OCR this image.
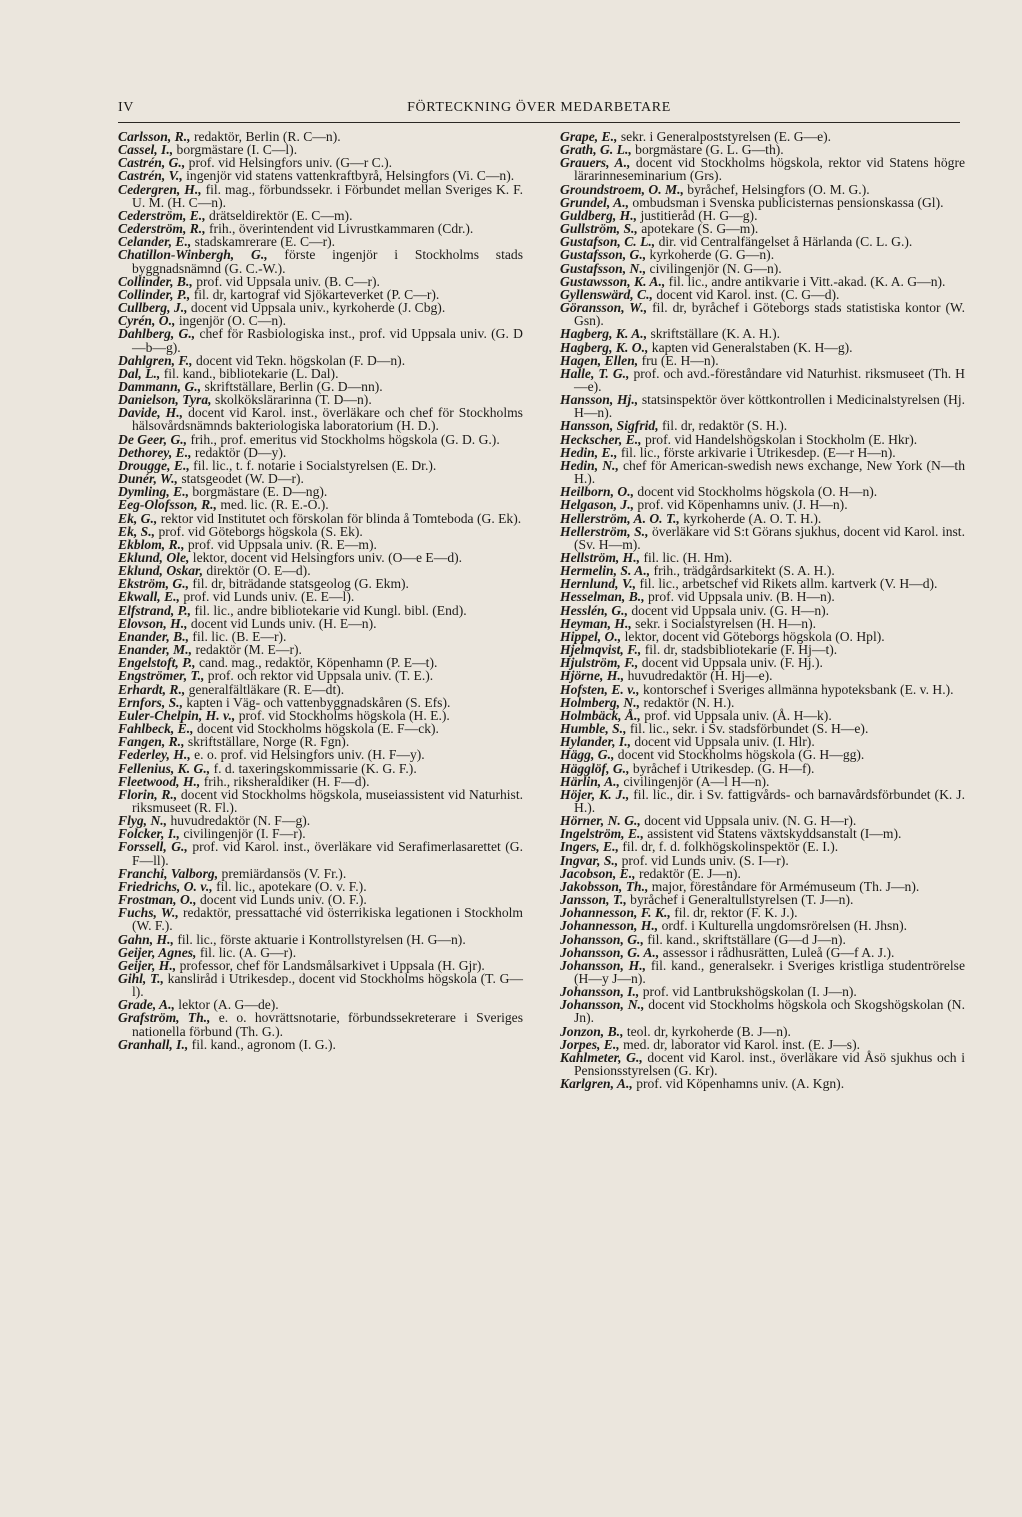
IV	FÖRTECKNING ÖVER MEDARBETARE
Carlsson, R., redaktör, Berlin (R. C—n).
Cassel, I., borgmästare (I. C—l).
Castrén, G., prof. vid Helsingfors univ. (G—r C.).
Castrén, V., ingenjör vid statens vattenkraftbyrå, Helsingfors (Vi. C—n).
Cedergren, H., fil. mag., förbundssekr. i Förbundet mellan Sveriges K. F. U. M. (H. C—n).
Cederström, E., drätseldirektör (E. C—m).
Cederström, R., frih., överintendent vid Livrustkammaren (Cdr.).
Celander, E., stadskamrerare (E. C—r).
Chatillon-Winbergh, G., förste ingenjör i Stockholms stads byggnadsnämnd (G. C.-W.).
Collinder, B., prof. vid Uppsala univ. (B. C—r).
Collinder, P., fil. dr, kartograf vid Sjökarteverket (P. C—r).
Cullberg, J., docent vid Uppsala univ., kyrkoherde (J. Cbg).
Cyrén, O., ingenjör (O. C—n).
Dahlberg, G., chef för Rasbiologiska inst., prof. vid Uppsala univ. (G. D—b—g).
Dahlgren, F., docent vid Tekn. högskolan (F. D—n).
Dal, L., fil. kand., bibliotekarie (L. Dal).
Dammann, G., skriftställare, Berlin (G. D—nn).
Danielson, Tyra, skolkökslärarinna (T. D—n).
Davide, H., docent vid Karol. inst., överläkare och chef för Stockholms hälsovårdsnämnds bakteriologiska laboratorium (H. D.).
De Geer, G., frih., prof. emeritus vid Stockholms högskola (G. D. G.).
Dethorey, E., redaktör (D—y).
Drougge, E., fil. lic., t. f. notarie i Socialstyrelsen (E. Dr.).
Dunér, W., statsgeodet (W. D—r).
Dymling, E., borgmästare (E. D—ng).
Eeg-Olofsson, R., med. lic. (R. E.-O.).
Ek, G., rektor vid Institutet och förskolan för blinda å Tomteboda (G. Ek).
Ek, S., prof. vid Göteborgs högskola (S. Ek).
Ekblom, R., prof. vid Uppsala univ. (R. E—m).
Eklund, Ole, lektor, docent vid Helsingfors univ. (O—e E—d).
Eklund, Oskar, direktör (O. E—d).
Ekström, G., fil. dr, biträdande statsgeolog (G. Ekm).
Ekwall, E., prof. vid Lunds univ. (E. E—l).
Elfstrand, P., fil. lic., andre bibliotekarie vid Kungl. bibl. (End).
Elovson, H., docent vid Lunds univ. (H. E—n).
Enander, B., fil. lic. (B. E—r).
Enander, M., redaktör (M. E—r).
Engelstoft, P., cand. mag., redaktör, Köpenhamn (P. E—t).
Engströmer, T., prof. och rektor vid Uppsala univ. (T. E.).
Erhardt, R., generalfältläkare (R. E—dt).
Ernfors, S., kapten i Väg- och vattenbyggnadskåren (S. Efs).
Euler-Chelpin, H. v., prof. vid Stockholms högskola (H. E.).
Fahlbeck, E., docent vid Stockholms högskola (E. F—ck).
Fangen, R., skriftställare, Norge (R. Fgn).
Federley, H., e. o. prof. vid Helsingfors univ. (H. F—y).
Fellenius, K. G., f. d. taxeringskommissarie (K. G. F.).
Fleetwood, H., frih., riksheraldiker (H. F—d).
Florin, R., docent vid Stockholms högskola, museiassistent vid Naturhist. riksmuseet (R. Fl.).
Flyg, N., huvudredaktör (N. F—g).
Folcker, I., civilingenjör (I. F—r).
Forssell, G., prof. vid Karol. inst., överläkare vid Serafimerlasarettet (G. F—ll).
Franchi, Valborg, premiärdansös (V. Fr.).
Friedrichs, O. v., fil. lic., apotekare (O. v. F.).
Frostman, O., docent vid Lunds univ. (O. F.).
Fuchs, W., redaktör, pressattaché vid österrikiska legationen i Stockholm (W. F.).
Gahn, H., fil. lic., förste aktuarie i Kontrollstyrelsen (H. G—n).
Geijer, Agnes, fil. lic. (A. G—r).
Geijer, H., professor, chef för Landsmålsarkivet i Uppsala (H. Gjr).
Gihl, T., kansliråd i Utrikesdep., docent vid Stockholms högskola (T. G—l).
Grade, A., lektor (A. G—de).
Grafström, Th., e. o. hovrättsnotarie, förbundssekreterare i Sveriges nationella förbund (Th. G.).
Granhall, I., fil. kand., agronom (I. G.).
Grape, E., sekr. i Generalpoststyrelsen (E. G—e).
Grath, G. L., borgmästare (G. L. G—th).
Grauers, A., docent vid Stockholms högskola, rektor vid Statens högre lärarinneseminarium (Grs).
Groundstroem, O. M., byråchef, Helsingfors (O. M. G.).
Grundel, A., ombudsman i Svenska publicisternas pensionskassa (Gl).
Guldberg, H., justitieråd (H. G—g).
Gullström, S., apotekare (S. G—m).
Gustafson, C. L., dir. vid Centralfängelset å Härlanda (C. L. G.).
Gustafsson, G., kyrkoherde (G. G—n).
Gustafsson, N., civilingenjör (N. G—n).
Gustawsson, K. A., fil. lic., andre antikvarie i Vitt.-akad. (K. A. G—n).
Gyllenswärd, C., docent vid Karol. inst. (C. G—d).
Göransson, W., fil. dr, byråchef i Göteborgs stads statistiska kontor (W. Gsn).
Hagberg, K. A., skriftställare (K. A. H.).
Hagberg, K. O., kapten vid Generalstaben (K. H—g).
Hagen, Ellen, fru (E. H—n).
Halle, T. G., prof. och avd.-föreståndare vid Naturhist. riksmuseet (Th. H—e).
Hansson, Hj., statsinspektör över köttkontrollen i Medicinalstyrelsen (Hj. H—n).
Hansson, Sigfrid, fil. dr, redaktör (S. H.).
Heckscher, E., prof. vid Handelshögskolan i Stockholm (E. Hkr).
Hedin, E., fil. lic., förste arkivarie i Utrikesdep. (E—r H—n).
Hedin, N., chef för American-swedish news exchange, New York (N—th H.).
Heilborn, O., docent vid Stockholms högskola (O. H—n).
Helgason, J., prof. vid Köpenhamns univ. (J. H—n).
Hellerström, A. O. T., kyrkoherde (A. O. T. H.).
Hellerström, S., överläkare vid S:t Görans sjukhus, docent vid Karol. inst. (Sv. H—m).
Hellström, H., fil. lic. (H. Hm).
Hermelin, S. A., frih., trädgårdsarkitekt (S. A. H.).
Hernlund, V., fil. lic., arbetschef vid Rikets allm. kartverk (V. H—d).
Hesselman, B., prof. vid Uppsala univ. (B. H—n).
Hesslén, G., docent vid Uppsala univ. (G. H—n).
Heyman, H., sekr. i Socialstyrelsen (H. H—n).
Hippel, O., lektor, docent vid Göteborgs högskola (O. Hpl).
Hjelmqvist, F., fil. dr, stadsbibliotekarie (F. Hj—t).
Hjulström, F., docent vid Uppsala univ. (F. Hj.).
Hjörne, H., huvudredaktör (H. Hj—e).
Hofsten, E. v., kontorschef i Sveriges allmänna hypoteksbank (E. v. H.).
Holmberg, N., redaktör (N. H.).
Holmbäck, Å., prof. vid Uppsala univ. (Å. H—k).
Humble, S., fil. lic., sekr. i Sv. stadsförbundet (S. H—e).
Hylander, I., docent vid Uppsala univ. (I. Hlr).
Hägg, G., docent vid Stockholms högskola (G. H—gg).
Hägglöf, G., byråchef i Utrikesdep. (G. H—f).
Härlin, A., civilingenjör (A—l H—n).
Höjer, K. J., fil. lic., dir. i Sv. fattigvårds- och barnavårdsförbundet (K. J. H.).
Hörner, N. G., docent vid Uppsala univ. (N. G. H—r).
Ingelström, E., assistent vid Statens växtskyddsanstalt (I—m).
Ingers, E., fil. dr, f. d. folkhögskolinspektör (E. I.).
Ingvar, S., prof. vid Lunds univ. (S. I—r).
Jacobson, E., redaktör (E. J—n).
Jakobsson, Th., major, föreståndare för Armémuseum (Th. J—n).
Jansson, T., byråchef i Generaltullstyrelsen (T. J—n).
Johannesson, F. K., fil. dr, rektor (F. K. J.).
Johannesson, H., ordf. i Kulturella ungdomsrörelsen (H. Jhsn).
Johansson, G., fil. kand., skriftställare (G—d J—n).
Johansson, G. A., assessor i rådhusrätten, Luleå (G—f A. J.).
Johansson, H., fil. kand., generalsekr. i Sveriges kristliga studentrörelse (H—y J—n).
Johansson, I., prof. vid Lantbrukshögskolan (I. J—n).
Johansson, N., docent vid Stockholms högskola och Skogshögskolan (N. Jn).
Jonzon, B., teol. dr, kyrkoherde (B. J—n).
Jorpes, E., med. dr, laborator vid Karol. inst. (E. J—s).
Kahlmeter, G., docent vid Karol. inst., överläkare vid Åsö sjukhus och i Pensionsstyrelsen (G. Kr).
Karlgren, A., prof. vid Köpenhamns univ. (A. Kgn).
